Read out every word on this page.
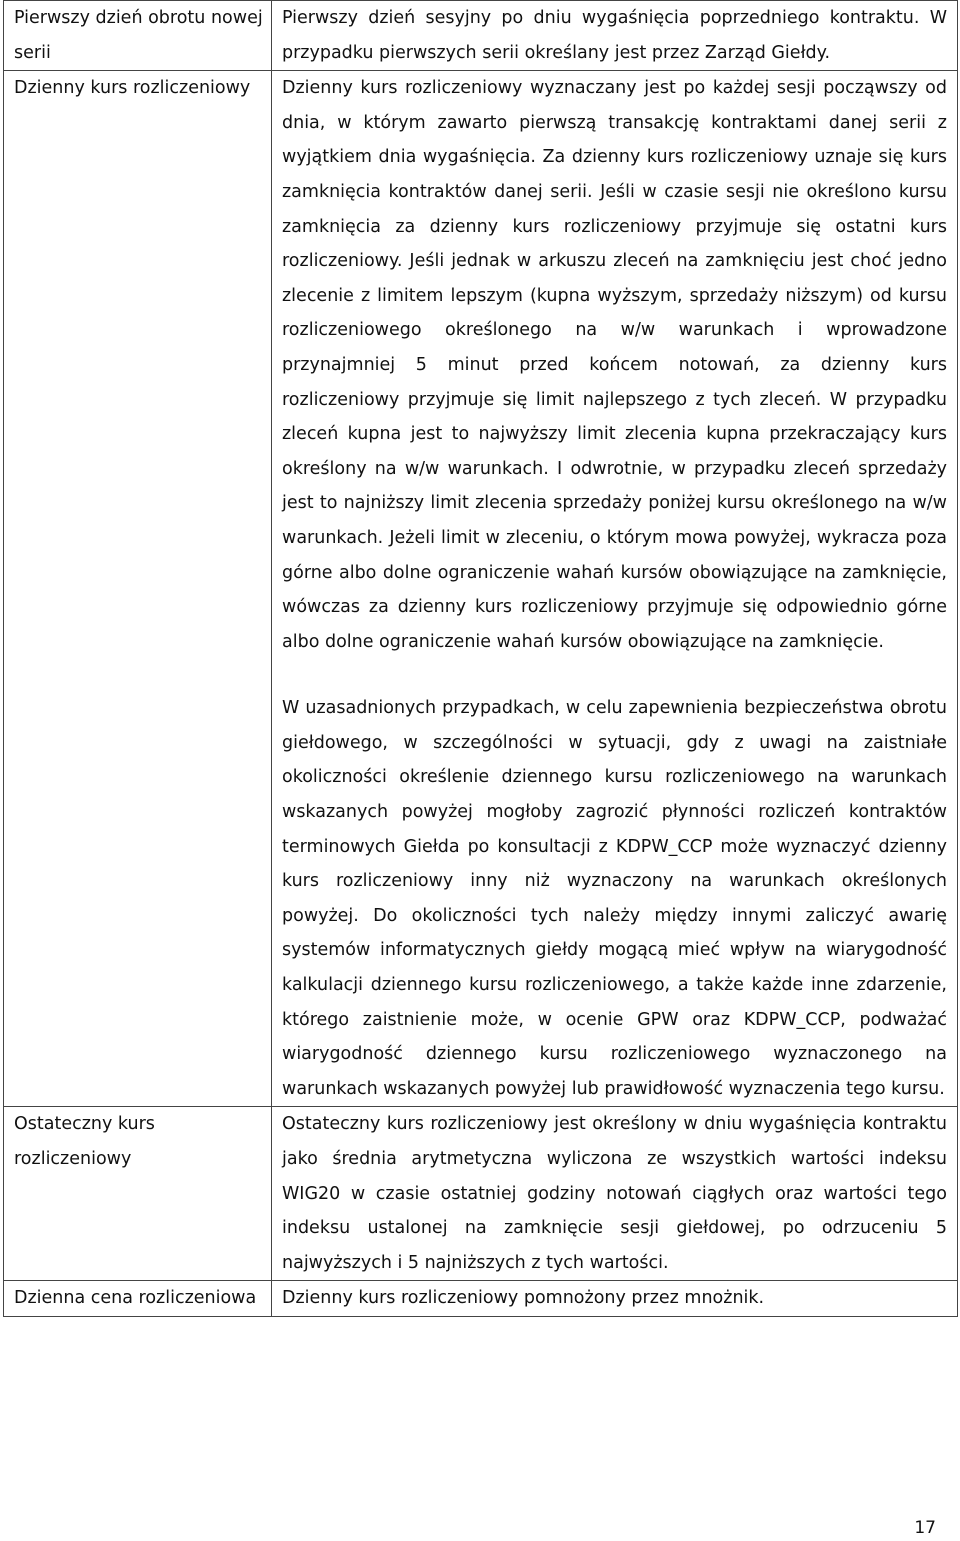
Pierwszy dzień obrotu nowej serii	Pierwszy dzień sesyjny po dniu wygaśnięcia poprzedniego kontraktu. W przypadku pierwszych serii określany jest przez Zarząd Giełdy.

Dzienny kurs rozliczeniowy	Dzienny kurs rozliczeniowy wyznaczany jest po każdej sesji począwszy od dnia, w którym zawarto pierwszą transakcję kontraktami danej serii z wyjątkiem dnia wygaśnięcia. Za dzienny kurs rozliczeniowy uznaje się kurs zamknięcia kontraktów danej serii. Jeśli w czasie sesji nie określono kursu zamknięcia za dzienny kurs rozliczeniowy przyjmuje się ostatni kurs rozliczeniowy. Jeśli jednak w arkuszu zleceń na zamknięciu jest choć jedno zlecenie z limitem lepszym (kupna wyższym, sprzedaży niższym) od kursu rozliczeniowego określonego na w/w warunkach i wprowadzone przynajmniej 5 minut przed końcem notowań, za dzienny kurs rozliczeniowy przyjmuje się limit najlepszego z tych zleceń. W przypadku zleceń kupna jest to najwyższy limit zlecenia kupna przekraczający kurs określony na w/w warunkach. I odwrotnie, w przypadku zleceń sprzedaży jest to najniższy limit zlecenia sprzedaży poniżej kursu określonego na w/w warunkach. Jeżeli limit w zleceniu, o którym mowa powyżej, wykracza poza górne albo dolne ograniczenie wahań kursów obowiązujące na zamknięcie, wówczas za dzienny kurs rozliczeniowy przyjmuje się odpowiednio górne albo dolne ograniczenie wahań kursów obowiązujące na zamknięcie.

W uzasadnionych przypadkach, w celu zapewnienia bezpieczeństwa obrotu giełdowego, w szczególności w sytuacji, gdy z uwagi na zaistniałe okoliczności określenie dziennego kursu rozliczeniowego na warunkach wskazanych powyżej mogłoby zagrozić płynności rozliczeń kontraktów terminowych Giełda po konsultacji z KDPW_CCP może wyznaczyć dzienny kurs rozliczeniowy inny niż wyznaczony na warunkach określonych powyżej. Do okoliczności tych należy między innymi zaliczyć awarię systemów informatycznych giełdy mogącą mieć wpływ na wiarygodność kalkulacji dziennego kursu rozliczeniowego, a także każde inne zdarzenie, którego zaistnienie może, w ocenie GPW oraz KDPW_CCP, podważać wiarygodność dziennego kursu rozliczeniowego wyznaczonego na warunkach wskazanych powyżej lub prawidłowość wyznaczenia tego kursu.

Ostateczny kurs rozliczeniowy	Ostateczny kurs rozliczeniowy jest określony w dniu wygaśnięcia kontraktu jako średnia arytmetyczna wyliczona ze wszystkich wartości indeksu WIG20 w czasie ostatniej godziny notowań ciągłych oraz wartości tego indeksu ustalonej na zamknięcie sesji giełdowej, po odrzuceniu 5 najwyższych i 5 najniższych z tych wartości.

Dzienna cena rozliczeniowa	Dzienny kurs rozliczeniowy pomnożony przez mnożnik.

17
